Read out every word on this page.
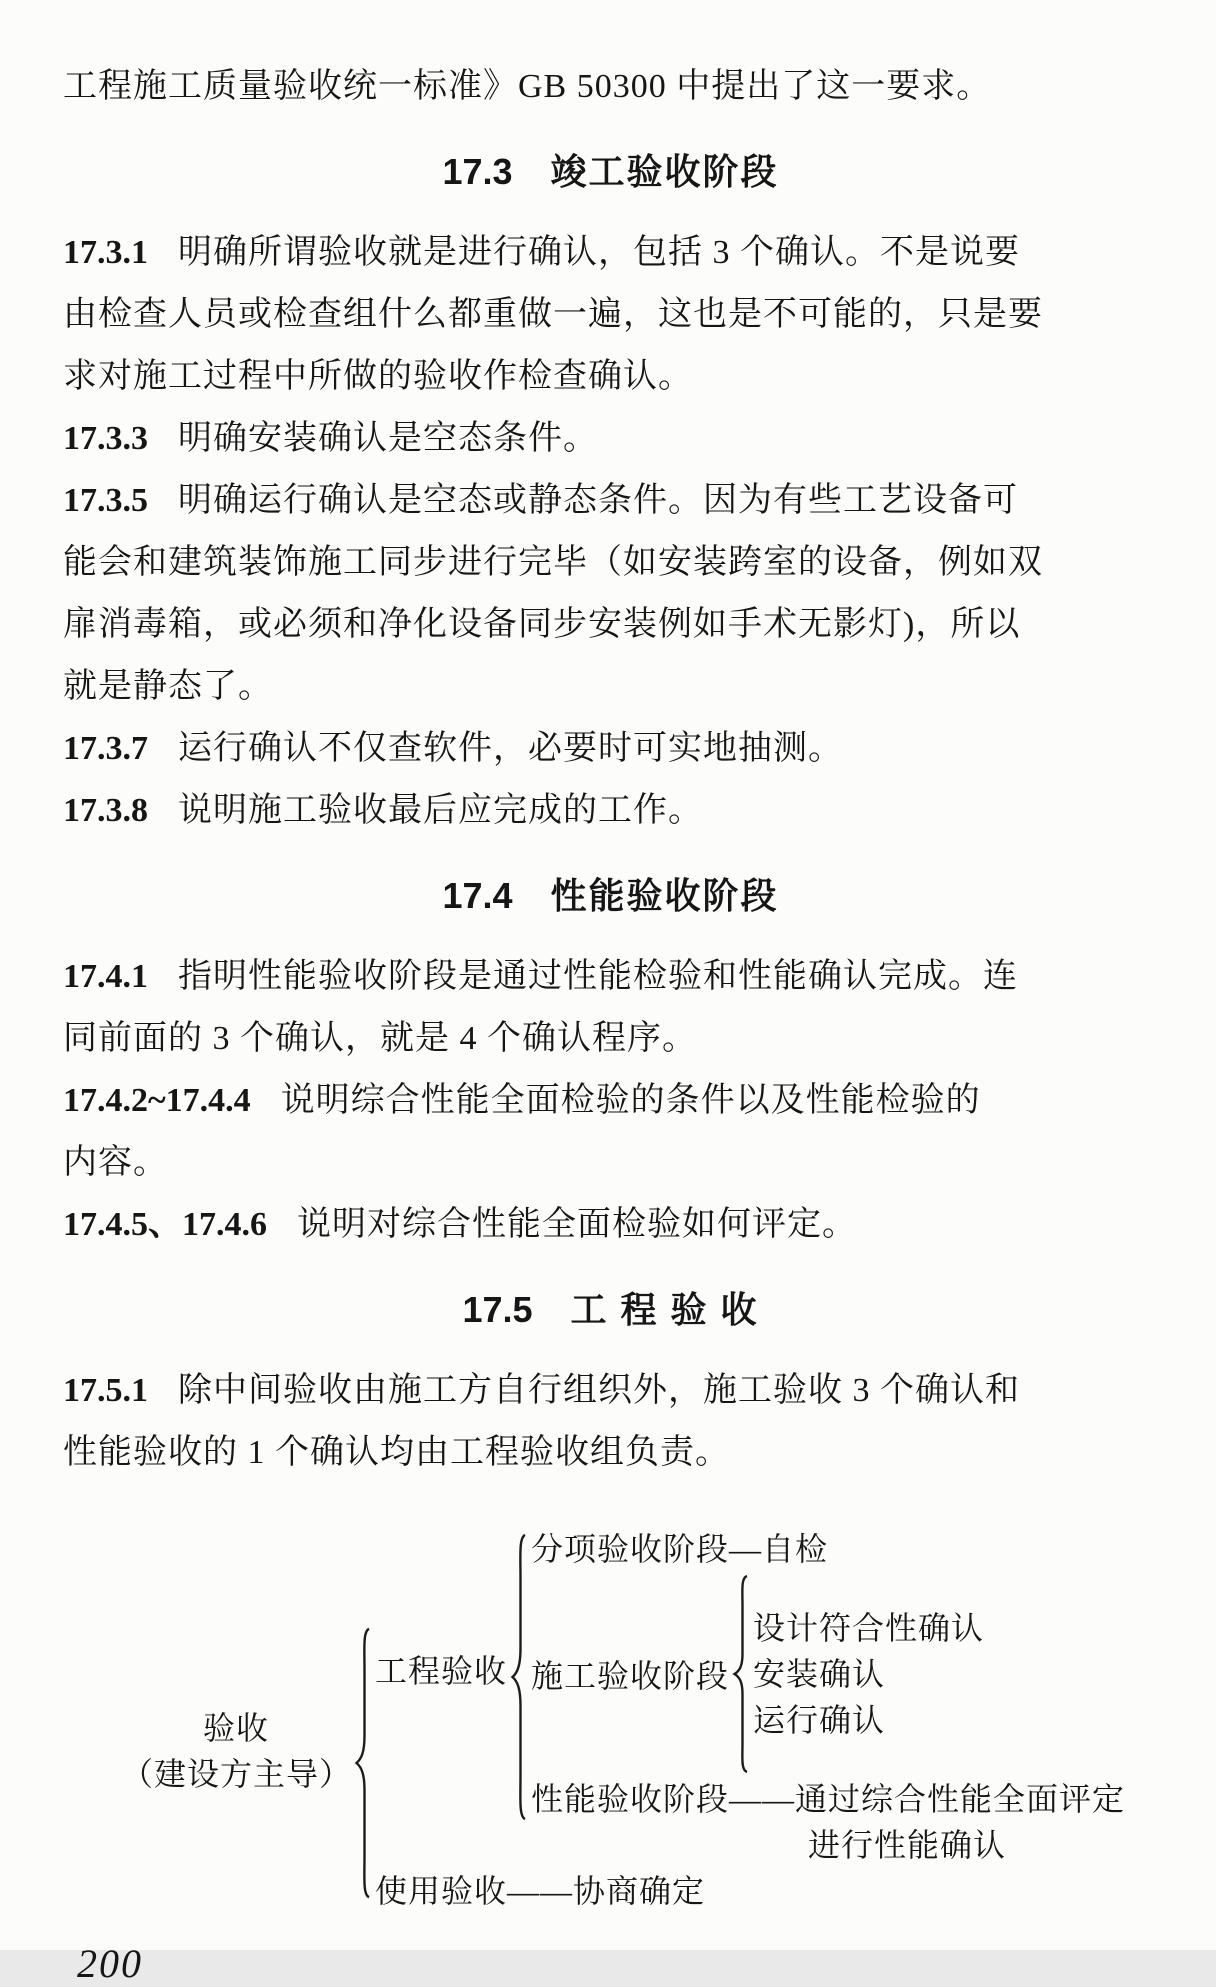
工程施工质量验收统一标准》GB 50300 中提出了这一要求。
17.3 竣工验收阶段
17.3.1 明确所谓验收就是进行确认，包括 3 个确认。不是说要
由检查人员或检查组什么都重做一遍，这也是不可能的，只是要
求对施工过程中所做的验收作检查确认。
17.3.3 明确安装确认是空态条件。
17.3.5 明确运行确认是空态或静态条件。因为有些工艺设备可
能会和建筑装饰施工同步进行完毕（如安装跨室的设备，例如双
扉消毒箱，或必须和净化设备同步安装例如手术无影灯)，所以
就是静态了。
17.3.7 运行确认不仅查软件，必要时可实地抽测。
17.3.8 说明施工验收最后应完成的工作。
17.4 性能验收阶段
17.4.1 指明性能验收阶段是通过性能检验和性能确认完成。连
同前面的 3 个确认，就是 4 个确认程序。
17.4.2~17.4.4 说明综合性能全面检验的条件以及性能检验的
内容。
17.4.5、17.4.6 说明对综合性能全面检验如何评定。
17.5 工 程 验 收
17.5.1 除中间验收由施工方自行组织外，施工验收 3 个确认和
性能验收的 1 个确认均由工程验收组负责。
验收
（建设方主导）
工程验收
分项验收阶段—自检
施工验收阶段
设计符合性确认
安装确认
运行确认
性能验收阶段——通过综合性能全面评定
进行性能确认
使用验收——协商确定
200
